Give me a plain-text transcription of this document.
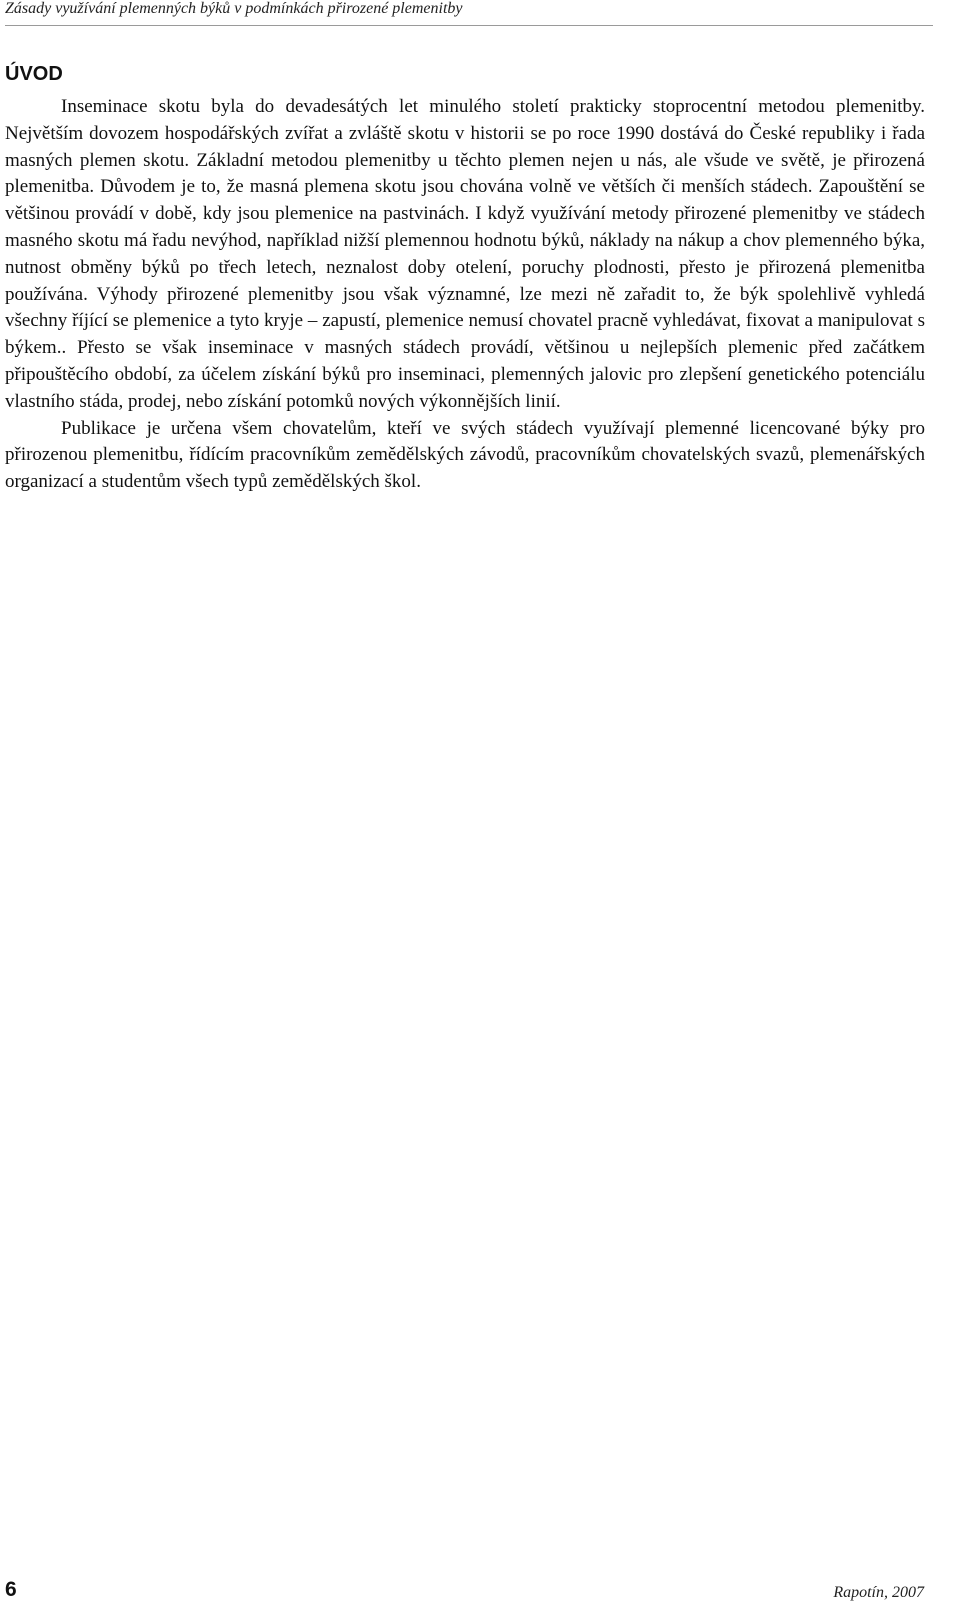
Zásady využívání plemenných býků v podmínkách přirozené plemenitby
ÚVOD

Inseminace skotu byla do devadesátých let minulého století prakticky stoprocentní metodou plemenitby. Největším dovozem hospodářských zvířat a zvláště skotu v historii se po roce 1990 dostává do České republiky i řada masných plemen skotu. Základní metodou plemenitby u těchto plemen nejen u nás, ale všude ve světě, je přirozená plemenitba. Důvodem je to, že masná plemena skotu jsou chována volně ve větších či menších stádech. Zapouštění se většinou provádí v době, kdy jsou plemenice na pastvinách. I když využívání metody přirozené plemenitby ve stádech masného skotu má řadu nevýhod, například nižší plemennou hodnotu býků, náklady na nákup a chov plemenného býka, nutnost obměny býků po třech letech, neznalost doby otelení, poruchy plodnosti, přesto je přirozená plemenitba používána. Výhody přirozené plemenitby jsou však významné, lze mezi ně zařadit to, že býk spolehlivě vyhledá všechny říjící se plemenice a tyto kryje – zapustí, plemenice nemusí chovatel pracně vyhledávat, fixovat a manipulovat s býkem.. Přesto se však inseminace v masných stádech provádí, většinou u nejlepších plemenic před začátkem připouštěcího období, za účelem získání býků pro inseminaci, plemenných jalovic pro zlepšení genetického potenciálu vlastního stáda, prodej, nebo získání potomků nových výkonnějších linií.

Publikace je určena všem chovatelům, kteří ve svých stádech využívají plemenné licencované býky pro přirozenou plemenitbu, řídícím pracovníkům zemědělských závodů, pracovníkům chovatelských svazů, plemenářských organizací a studentům všech typů zemědělských škol.

6	Rapotín, 2007
